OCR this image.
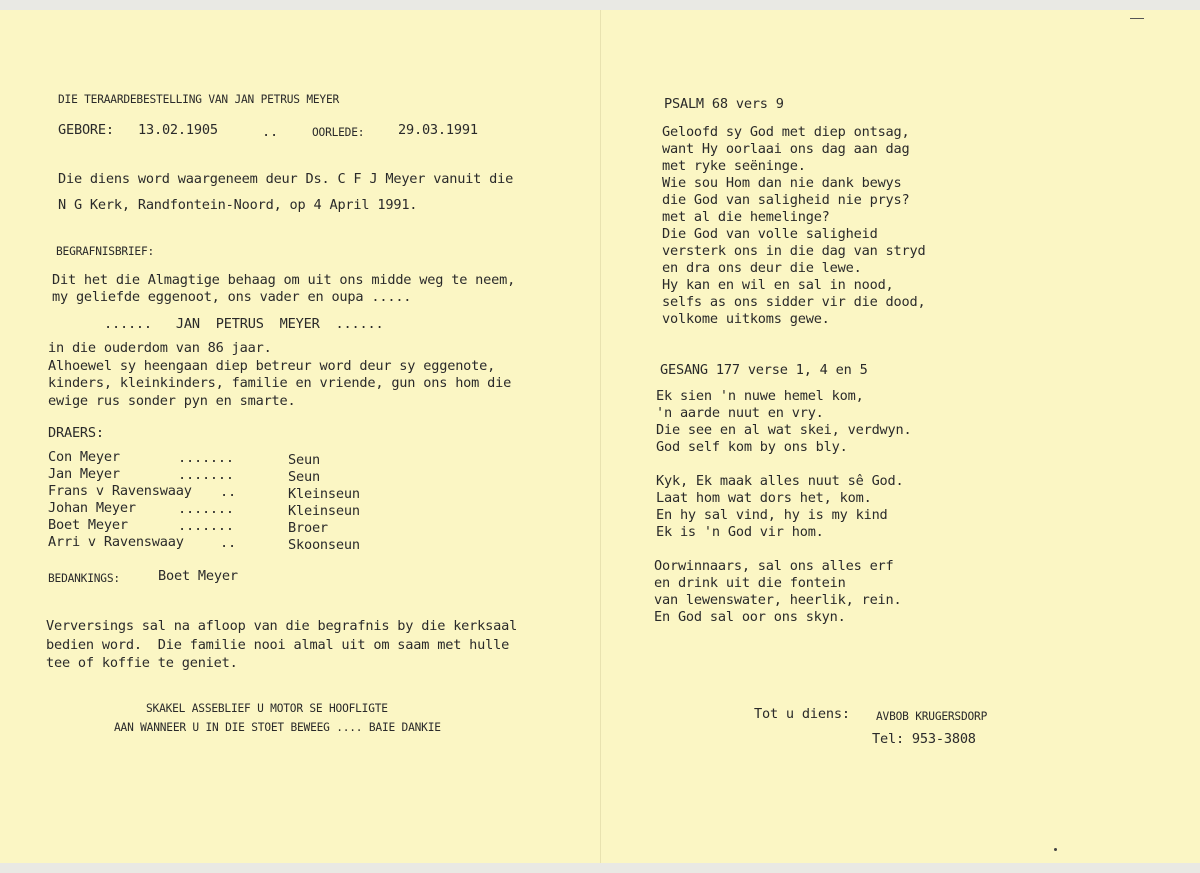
DIE TERAARDEBESTELLING VAN JAN PETRUS MEYER
GEBORE: 13.02.1905	..	OORLEDE: 29.03.1991
Die diens word waargeneem deur Ds. C F J Meyer vanuit die
N G Kerk, Randfontein-Noord, op 4 April 1991.
BEGRAFNISBRIEF:
Dit het die Almagtige behaag om uit ons midde weg te neem,
my geliefde eggenoot, ons vader en oupa .....
......   JAN  PETRUS  MEYER  ......
in die ouderdom van 86 jaar.
Alhoewel sy heengaan diep betreur word deur sy eggenote,
kinders, kleinkinders, familie en vriende, gun ons hom die
ewige rus sonder pyn en smarte.
DRAERS:
Con Meyer	.......	Seun
Jan Meyer	.......	Seun
Frans v Ravenswaay ..	Kleinseun
Johan Meyer	.......	Kleinseun
Boet Meyer	.......	Broer
Arri v Ravenswaay	..	Skoonseun
BEDANKINGS:	Boet Meyer
Verversings sal na afloop van die begrafnis by die kerksaal
bedien word.  Die familie nooi almal uit om saam met hulle
tee of koffie te geniet.
SKAKEL ASSEBLIEF U MOTOR SE HOOFLIGTE
AAN WANNEER U IN DIE STOET BEWEEG .... BAIE DANKIE
PSALM 68 vers 9
Geloofd sy God met diep ontsag,
want Hy oorlaai ons dag aan dag
met ryke seëninge.
Wie sou Hom dan nie dank bewys
die God van saligheid nie prys?
met al die hemelinge?
Die God van volle saligheid
versterk ons in die dag van stryd
en dra ons deur die lewe.
Hy kan en wil en sal in nood,
selfs as ons sidder vir die dood,
volkome uitkoms gewe.
GESANG 177 verse 1, 4 en 5
Ek sien 'n nuwe hemel kom,
'n aarde nuut en vry.
Die see en al wat skei, verdwyn.
God self kom by ons bly.
Kyk, Ek maak alles nuut sê God.
Laat hom wat dors het, kom.
En hy sal vind, hy is my kind
Ek is 'n God vir hom.
Oorwinnaars, sal ons alles erf
en drink uit die fontein
van lewenswater, heerlik, rein.
En God sal oor ons skyn.
Tot u diens: AVBOB KRUGERSDORP
Tel: 953-3808
